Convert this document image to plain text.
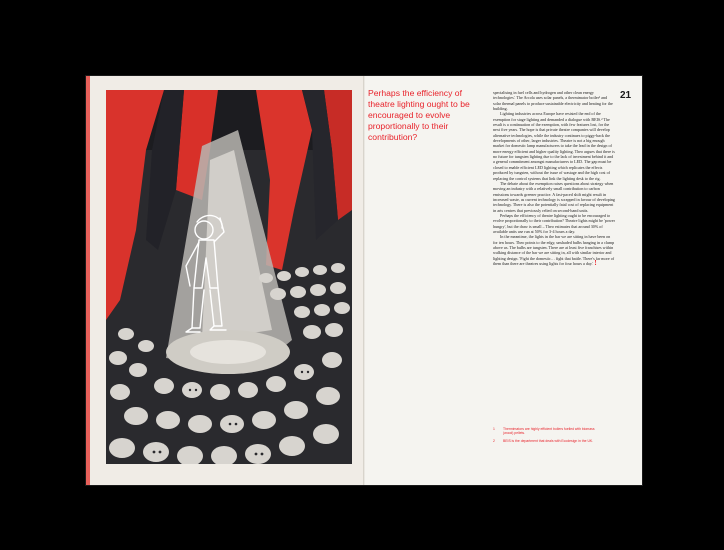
Perhaps the efficiency of theatre lighting ought to be encouraged to evolve proportionally to their contribution?

21

specialising in fuel cells and hydrogen and other clean energy technologies'. The Arcola uses solar panels, a thermimator boiler¹ and solar thermal panels to produce sustainable electricity and heating for the building.

Lighting industries across Europe have resisted the end of the exemption for stage lighting and demanded a dialogue with BEIS.² The result is a continuation of the exemption, with few features lost, for the next five years. The hope is that private theatre companies will develop alternative technologies, while the industry continues to piggy-back the developments of other, larger industries. Theatre is not a big enough market for domestic lamp manufacturers to take the lead in the design of more energy efficient and higher quality lighting. Theo argues that there is no future for tungsten lighting due to the lack of investment behind it and a general commitment amongst manufacturers to LED. The gap must be closed to enable efficient LED lighting which replicates the effects produced by tungsten, without the issue of wastage and the high cost of replacing the control systems that link the lighting desk to the rig.

The debate about the exemption raises questions about strategy when moving an industry with a relatively small contribution to carbon emissions towards greener practice. A fast-paced shift might result in increased waste, as current technology is scrapped in favour of developing technology. There is also the potentially fatal cost of replacing equipment in arts centres that previously relied on second-hand units.

Perhaps the efficiency of theatre lighting ought to be encouraged to evolve proportionally to their contribution? Theatre lights might be 'power hungry', but the draw is small – Theo estimates that around 30% of available units use run at 50% for 3-4 hours a day.

In the meantime, the lights in the bar we are sitting in have been on for ten hours. Theo points to the edgy, unshaded bulbs hanging in a clump above us. The bulbs are tungsten. There are at least five franchises within walking distance of the bar we are sitting in, all with similar interior and lighting design. 'Fight the domestic… fight that battle. There's far more of them than there are theatres using lights for four hours a day.' !

1	Thermimators are highly efficient boilers fuelled with biomass (wood) pellets.
2	BEIS is the department that deals with Ecodesign in the UK.
